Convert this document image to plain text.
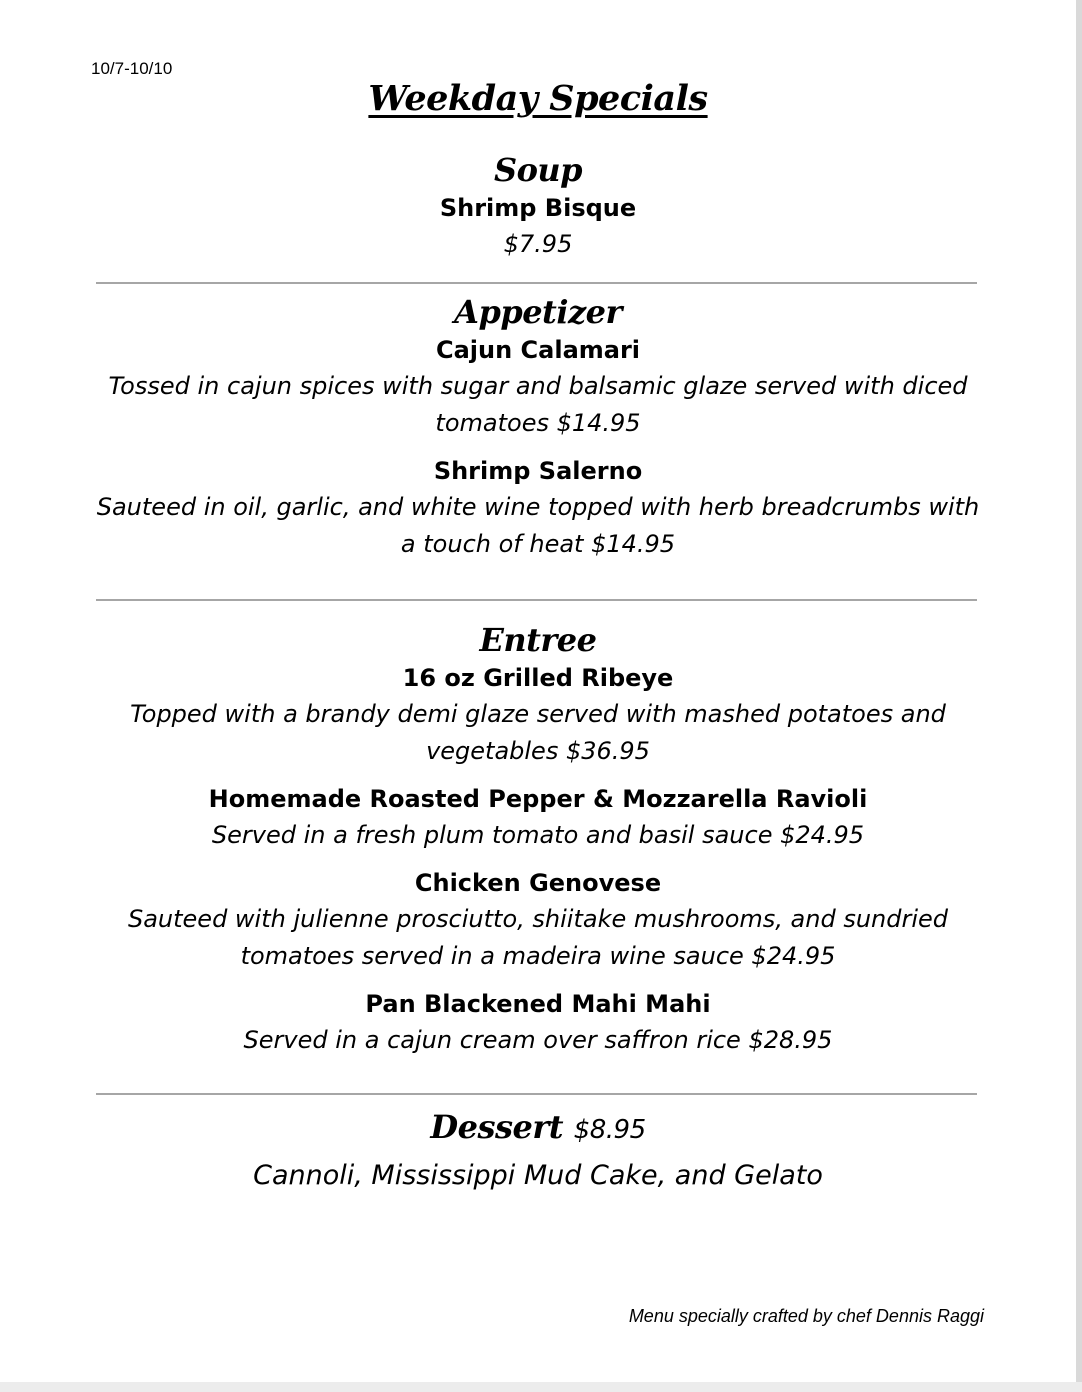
10/7-10/10
Weekday Specials
Soup
Shrimp Bisque
$7.95
Appetizer
Cajun Calamari
Tossed in cajun spices with sugar and balsamic glaze served with diced
tomatoes $14.95
Shrimp Salerno
Sauteed in oil, garlic, and white wine topped with herb breadcrumbs with
a touch of heat $14.95
Entree
16 oz Grilled Ribeye
Topped with a brandy demi glaze served with mashed potatoes and
vegetables $36.95
Homemade Roasted Pepper & Mozzarella Ravioli
Served in a fresh plum tomato and basil sauce $24.95
Chicken Genovese
Sauteed with julienne prosciutto, shiitake mushrooms, and sundried
tomatoes served in a madeira wine sauce $24.95
Pan Blackened Mahi Mahi
Served in a cajun cream over saffron rice $28.95
Dessert $8.95
Cannoli, Mississippi Mud Cake, and Gelato
Menu specially crafted by chef Dennis Raggi
